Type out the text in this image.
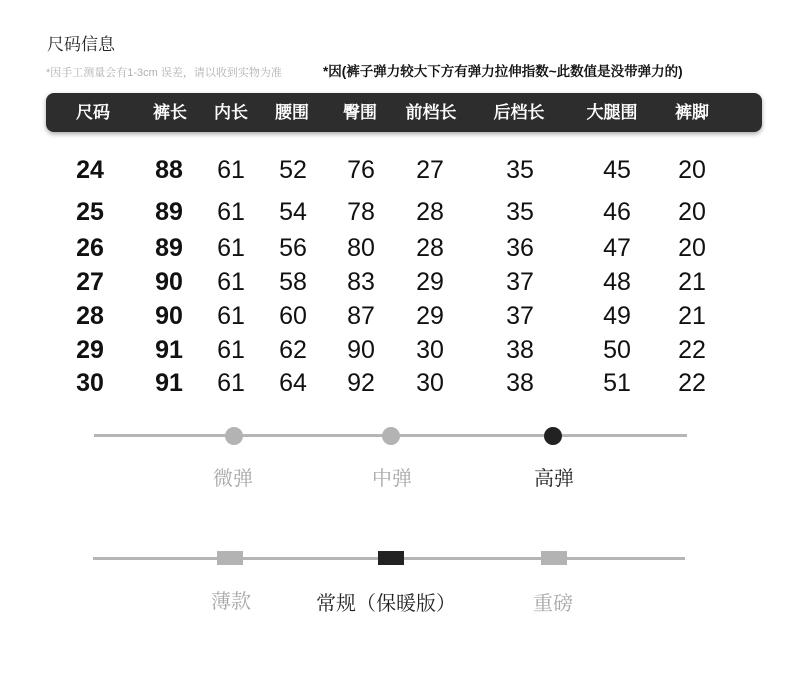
尺码信息
*因手工测量会有1-3cm 误差，请以收到实物为准	*因(裤子弹力较大下方有弹力拉伸指数~此数值是没带弹力的)
尺码	裤长	内长	腰围	臀围	前档长	后档长	大腿围	裤脚
24	88	61	52	76	27	35	45	20
25	89	61	54	78	28	35	46	20
26	89	61	56	80	28	36	47	20
27	90	61	58	83	29	37	48	21
28	90	61	60	87	29	37	49	21
29	91	61	62	90	30	38	50	22
30	91	61	64	92	30	38	51	22
微弹	中弹	高弹
薄款	常规（保暖版）	重磅
